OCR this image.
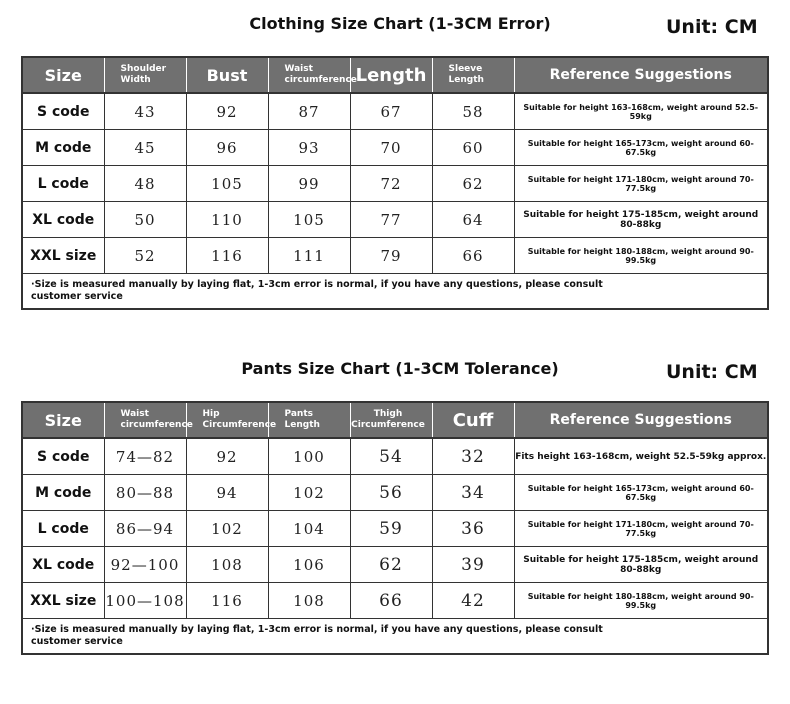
Clothing Size Chart (1-3CM Error)	Unit: CM
Size	Shoulder Width	Bust	Waist circumference	Length	Sleeve Length	Reference Suggestions
S code	43	92	87	67	58	Suitable for height 163-168cm, weight around 52.5-59kg
M code	45	96	93	70	60	Suitable for height 165-173cm, weight around 60-67.5kg
L code	48	105	99	72	62	Suitable for height 171-180cm, weight around 70-77.5kg
XL code	50	110	105	77	64	Suitable for height 175-185cm, weight around 80-88kg
XXL size	52	116	111	79	66	Suitable for height 180-188cm, weight around 90-99.5kg

·Size is measured manually by laying flat, 1-3cm error is normal, if you have any questions, please consult customer service						
Pants Size Chart (1-3CM Tolerance)	Unit: CM
Size	Waist circumference	Hip Circumference	Pants Length	Thigh Circumference	Cuff	Reference Suggestions
S code	74—82	92	100	54	32	Fits height 163-168cm, weight 52.5-59kg approx.
M code	80—88	94	102	56	34	Suitable for height 165-173cm, weight around 60-67.5kg
L code	86—94	102	104	59	36	Suitable for height 171-180cm, weight around 70-77.5kg
XL code	92—100	108	106	62	39	Suitable for height 175-185cm, weight around 80-88kg
XXL size	100—108	116	108	66	42	Suitable for height 180-188cm, weight around 90-99.5kg

·Size is measured manually by laying flat, 1-3cm error is normal, if you have any questions, please consult customer service						
